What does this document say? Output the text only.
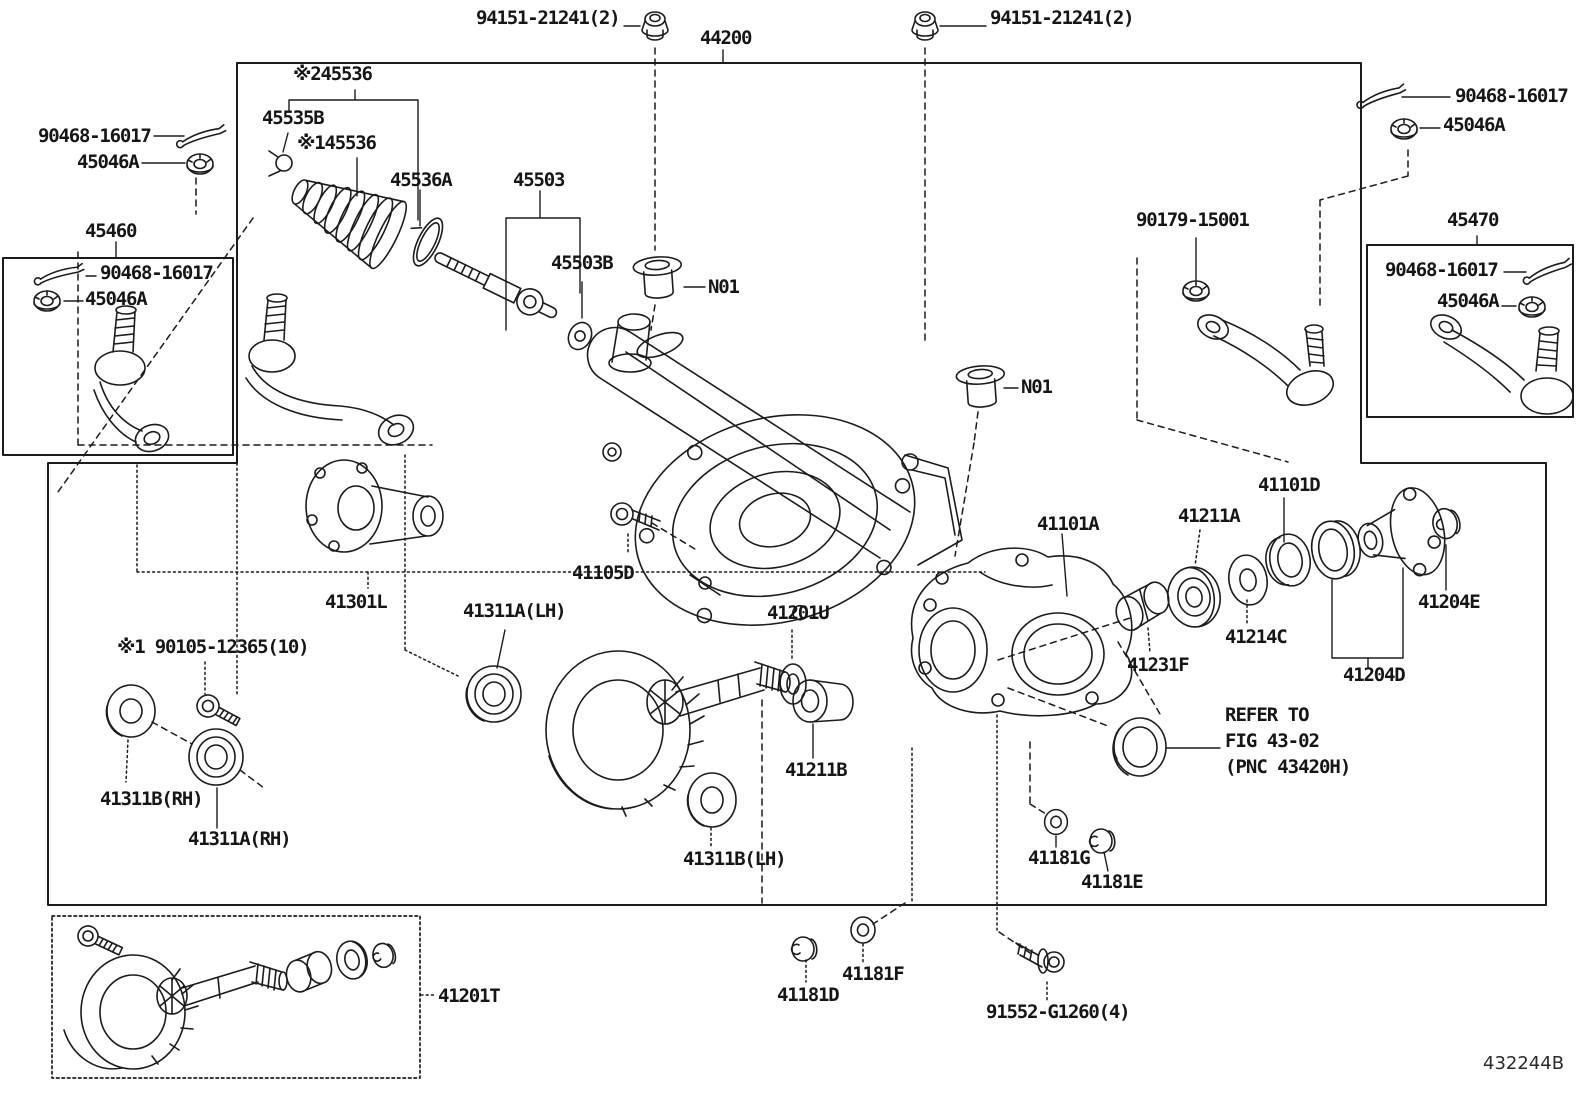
94151-21241(2)	94151-21241(2)
44200
※245536
45535B
※145536
45536A	45503
45503B
90468-16017
45046A
45460
90468-16017
45046A
N01
N01
90468-16017
45046A
90179-15001	45470
90468-16017
45046A
41301L
41105D
41311A(LH)	41201U
41101A	41211A
41101D
41231F
41214C
41204E
41204D
※1 90105-12365(10)
41311B(RH)
41311A(RH)
41311B(LH)
41211B
41181G
41181E
41181F
41181D
91552-G1260(4)
41201T
REFER TO
FIG 43-02
(PNC 43420H)
432244B
